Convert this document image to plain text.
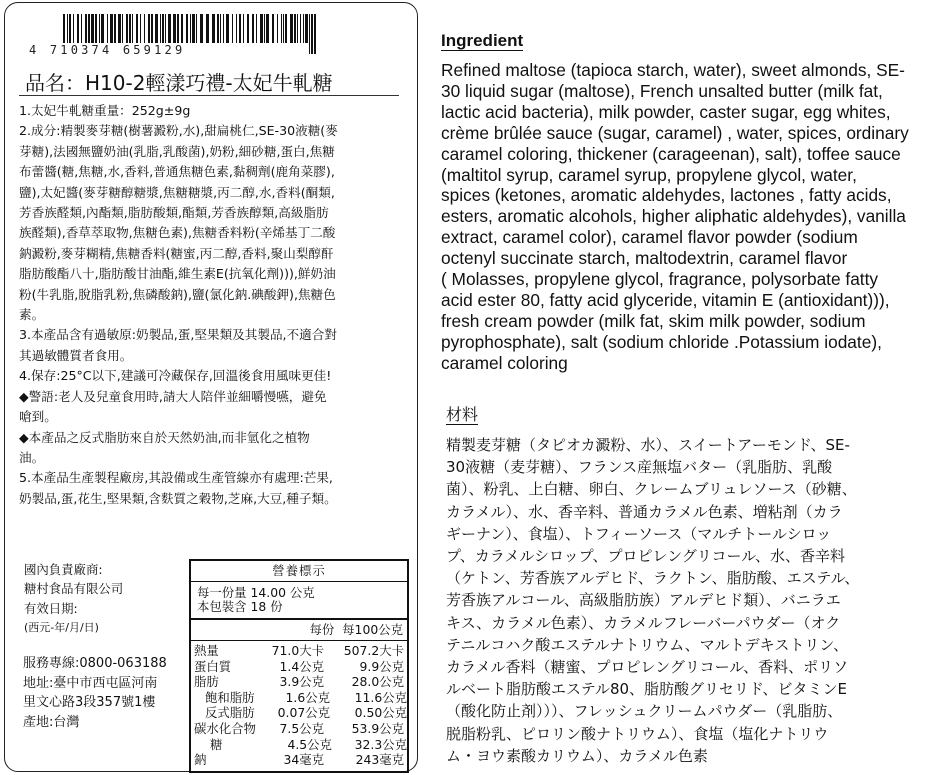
4 710374 659129
品名：H10-2輕漾巧禮-太妃牛軋糖

1.太妃牛軋糖重量：252g±9g

2.成分:精製麥芽糖(樹薯澱粉,水),甜扁桃仁,SE-30液糖(麥

芽糖),法國無鹽奶油(乳脂,乳酸菌),奶粉,細砂糖,蛋白,焦糖

布蕾醬(糖,焦糖,水,香料,普通焦糖色素,黏稠劑(鹿角菜膠),

鹽),太妃醬(麥芽糖醇糖漿,焦糖糖漿,丙二醇,水,香料(酮類,

芳香族醛類,內酯類,脂肪酸類,酯類,芳香族醇類,高級脂肪

族醛類),香草萃取物,焦糖色素),焦糖香料粉(辛烯基丁二酸

鈉澱粉,麥芽糊精,焦糖香料(糖蜜,丙二醇,香料,聚山梨醇酐

脂肪酸酯八十,脂肪酸甘油酯,維生素E(抗氧化劑))),鮮奶油

粉(牛乳脂,脫脂乳粉,焦磷酸鈉),鹽(氯化鈉.碘酸鉀),焦糖色

素。

3.本產品含有過敏原:奶製品,蛋,堅果類及其製品,不適合對

其過敏體質者食用。

4.保存:25°C以下,建議可冷藏保存,回溫後食用風味更佳!

◆警語:老人及兒童食用時,請大人陪伴並細嚼慢嚥，避免

嗆到。

◆本產品之反式脂肪來自於天然奶油,而非氫化之植物

油。

5.本產品生產製程廠房,其設備或生產管線亦有處理:芒果,

奶製品,蛋,花生,堅果類,含麩質之穀物,芝麻,大豆,種子類。

國內負責廠商:
糖村食品有限公司
有效日期:
(西元-年/月/日)
服務專線:0800-063188
地址:臺中市西屯區河南
里文心路3段357號1樓
產地:台灣
營養標示
每一份量 14.00 公克
本包裝含 18 份
每份 每100公克
熱量	71.0大卡	507.2大卡
蛋白質	1.4公克	9.9公克
脂肪	3.9公克	28.0公克
飽和脂肪	1.6公克	11.6公克
反式脂肪	0.07公克	0.50公克
碳水化合物	7.5公克	53.9公克
糖	4.5公克	32.3公克
鈉	34毫克	243毫克
Ingredient
Refined maltose (tapioca starch, water), sweet almonds, SE-
30 liquid sugar (maltose), French unsalted butter (milk fat,
lactic acid bacteria), milk powder, caster sugar, egg whites,
crème brûlée sauce (sugar, caramel) , water, spices, ordinary
caramel coloring, thickener (carageenan), salt), toffee sauce
(maltitol syrup, caramel syrup, propylene glycol, water,
spices (ketones, aromatic aldehydes, lactones , fatty acids,
esters, aromatic alcohols, higher aliphatic aldehydes), vanilla
extract, caramel color), caramel flavor powder (sodium
octenyl succinate starch, maltodextrin, caramel flavor
( Molasses, propylene glycol, fragrance, polysorbate fatty
acid ester 80, fatty acid glyceride, vitamin E (antioxidant))),
fresh cream powder (milk fat, skim milk powder, sodium
pyrophosphate), salt (sodium chloride .Potassium iodate),
caramel coloring
材料
精製麦芽糖（タピオカ澱粉、水）、スイートアーモンド、SE-
30液糖（麦芽糖）、フランス産無塩バター（乳脂肪、乳酸
菌）、粉乳、上白糖、卵白、クレームブリュレソース（砂糖、
カラメル）、水、香辛料、普通カラメル色素、増粘剤（カラ
ギーナン）、食塩）、トフィーソース（マルチトールシロッ
プ、カラメルシロップ、プロピレングリコール、水、香辛料
（ケトン、芳香族アルデヒド、ラクトン、脂肪酸、エステル、
芳香族アルコール、高級脂肪族）アルデヒド類）、バニラエ
キス、カラメル色素）、カラメルフレーバーパウダー（オク
テニルコハク酸エステルナトリウム、マルトデキストリン、
カラメル香料（糖蜜、プロピレングリコール、香料、ポリソ
ルベート脂肪酸エステル80、脂肪酸グリセリド、ビタミンE
（酸化防止剤）））、フレッシュクリームパウダー（乳脂肪、
脱脂粉乳、ピロリン酸ナトリウム）、食塩（塩化ナトリウ
ム・ヨウ素酸カリウム）、カラメル色素
